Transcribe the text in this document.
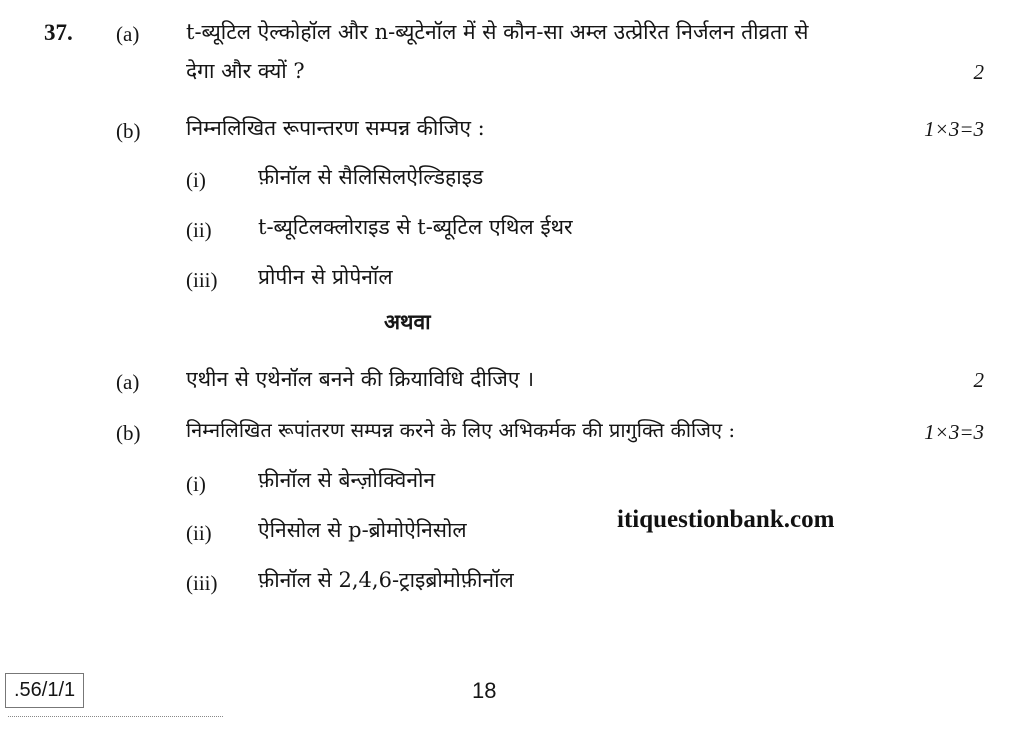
37. (a) t-ब्यूटिल ऐल्कोहॉल और n-ब्यूटेनॉल में से कौन-सा अम्ल उत्प्रेरित निर्जलन तीव्रता से
देगा और क्यों ?	2
(b) निम्नलिखित रूपान्तरण सम्पन्न कीजिए :	1×3=3
(i) फ़ीनॉल से सैलिसिलऐल्डिहाइड
(ii) t-ब्यूटिलक्लोराइड से t-ब्यूटिल एथिल ईथर
(iii) प्रोपीन से प्रोपेनॉल
अथवा
(a) एथीन से एथेनॉल बनने की क्रियाविधि दीजिए ।	2
(b) निम्नलिखित रूपांतरण सम्पन्न करने के लिए अभिकर्मक की प्रागुक्ति कीजिए :	1×3=3
(i) फ़ीनॉल से बेन्ज़ोक्विनोन
(ii) ऐनिसोल से p-ब्रोमोऐनिसोल
(iii) फ़ीनॉल से 2,4,6-ट्राइब्रोमोफ़ीनॉल
itiquestionbank.com
.56/1/1	18
